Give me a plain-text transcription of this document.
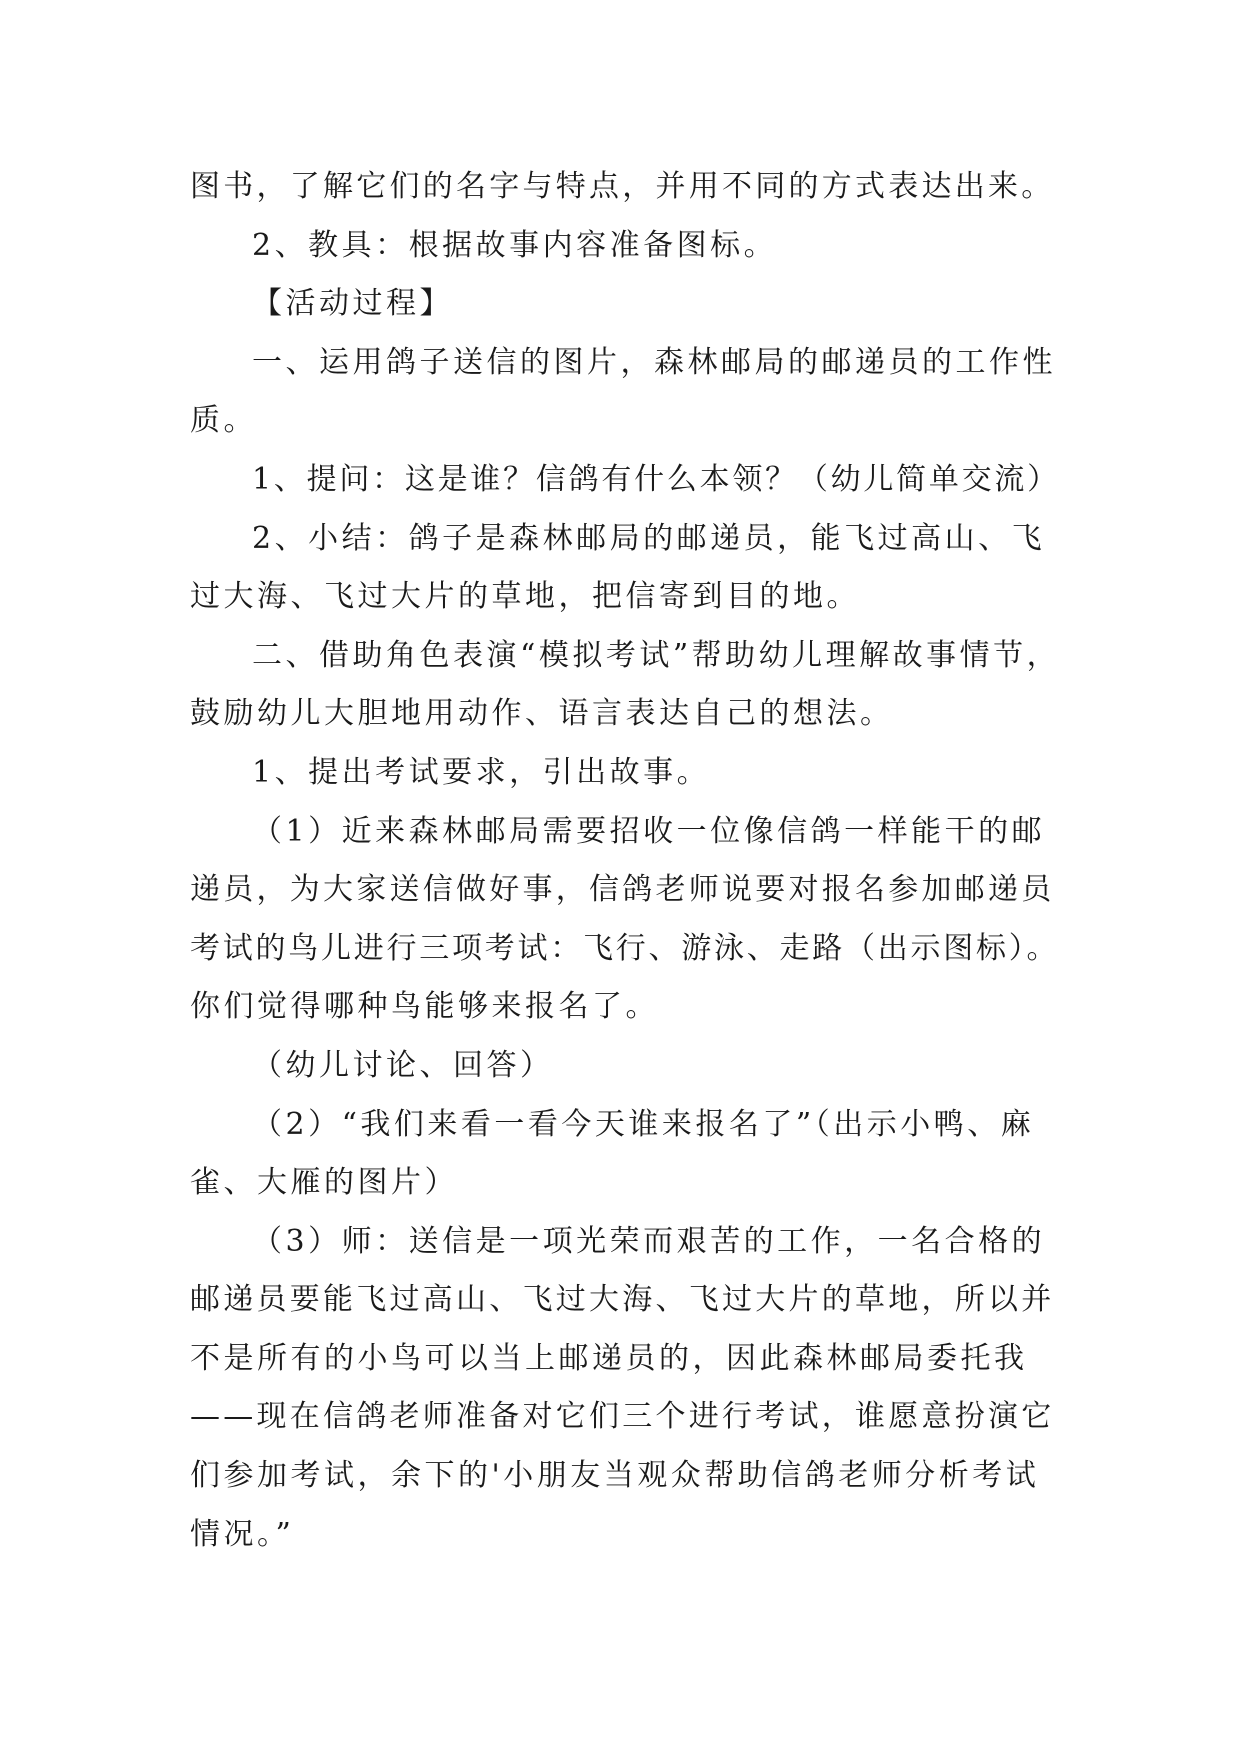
图书，了解它们的名字与特点，并用不同的方式表达出来。
2、教具：根据故事内容准备图标。
【活动过程】
一、运用鸽子送信的图片，森林邮局的邮递员的工作性
质。
1、提问：这是谁？信鸽有什么本领？（幼儿简单交流）
2、小结：鸽子是森林邮局的邮递员，能飞过高山、飞
过大海、飞过大片的草地，把信寄到目的地。
二、借助角色表演“模拟考试”帮助幼儿理解故事情节，
鼓励幼儿大胆地用动作、语言表达自己的想法。
1、提出考试要求，引出故事。
（1）近来森林邮局需要招收一位像信鸽一样能干的邮
递员，为大家送信做好事，信鸽老师说要对报名参加邮递员
考试的鸟儿进行三项考试：飞行、游泳、走路（出示图标）。
你们觉得哪种鸟能够来报名了。
（幼儿讨论、回答）
（2）“我们来看一看今天谁来报名了”（出示小鸭、麻
雀、大雁的图片）
（3）师：送信是一项光荣而艰苦的工作，一名合格的
邮递员要能飞过高山、飞过大海、飞过大片的草地，所以并
不是所有的小鸟可以当上邮递员的，因此森林邮局委托我
——现在信鸽老师准备对它们三个进行考试，谁愿意扮演它
们参加考试，余下的'小朋友当观众帮助信鸽老师分析考试
情况。”
